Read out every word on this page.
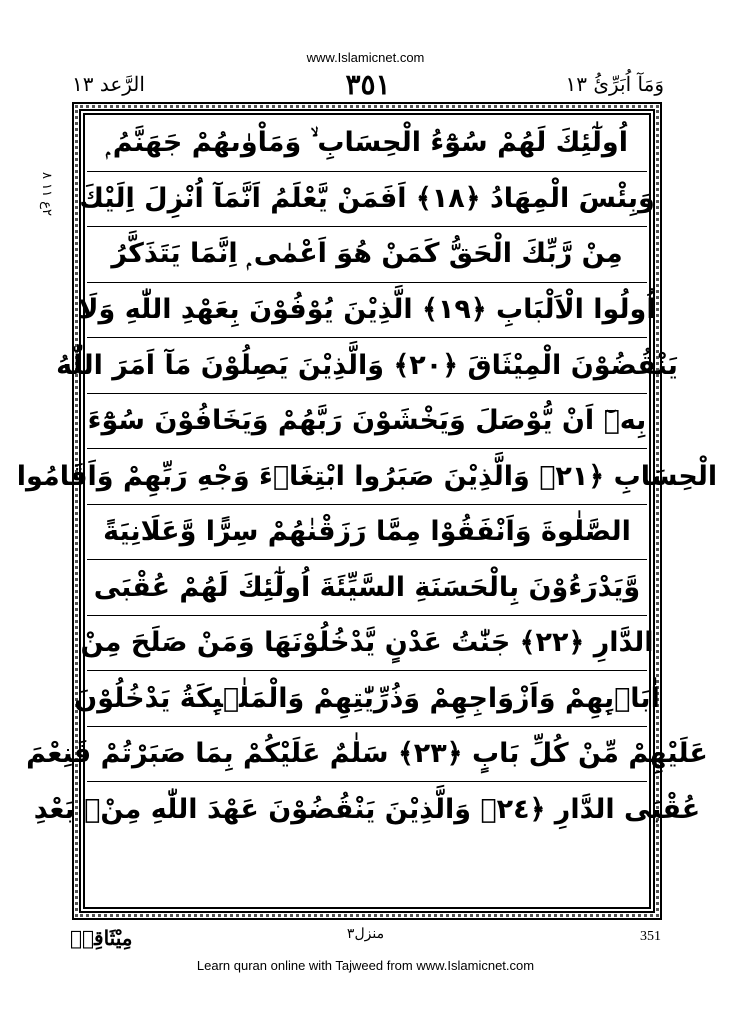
www.Islamicnet.com
الرَّعد ١٣	٣٥١	وَمَآ اُبَرِّئُ ١٣
٢ع ١١ ٨
اُولٰٓئِكَ لَهُمْ سُوْٓءُ الْحِسَابِ ۙ وَمَاْوٰىهُمْ جَهَنَّمُ ۭ
وَبِئْسَ الْمِهَادُ ﴿١٨﴾ اَفَمَنْ يَّعْلَمُ اَنَّمَآ اُنْزِلَ اِلَيْكَ
مِنْ رَّبِّكَ الْحَقُّ كَمَنْ هُوَ اَعْمٰى ۭ اِنَّمَا يَتَذَكَّرُ
اُولُوا الْاَلْبَابِ ﴿١٩﴾ الَّذِيْنَ يُوْفُوْنَ بِعَهْدِ اللّٰهِ وَلَا
يَنْقُضُوْنَ الْمِيْثَاقَ ﴿٢٠﴾ وَالَّذِيْنَ يَصِلُوْنَ مَآ اَمَرَ اللّٰهُ
بِهٖٓ اَنْ يُّوْصَلَ وَيَخْشَوْنَ رَبَّهُمْ وَيَخَافُوْنَ سُوْٓءَ
الْحِسَابِ ﴿٢١﴾ وَالَّذِيْنَ صَبَرُوا ابْتِغَاۗءَ وَجْهِ رَبِّهِمْ وَاَقَامُوا
الصَّلٰوةَ وَاَنْفَقُوْا مِمَّا رَزَقْنٰهُمْ سِرًّا وَّعَلَانِيَةً
وَّيَدْرَءُوْنَ بِالْحَسَنَةِ السَّيِّئَةَ اُولٰٓئِكَ لَهُمْ عُقْبَى
الدَّارِ ﴿٢٢﴾ جَنّٰتُ عَدْنٍ يَّدْخُلُوْنَهَا وَمَنْ صَلَحَ مِنْ
اٰبَاۗىِٕهِمْ وَاَزْوَاجِهِمْ وَذُرِّيّٰتِهِمْ وَالْمَلٰۗىِٕكَةُ يَدْخُلُوْنَ
عَلَيْهِمْ مِّنْ كُلِّ بَابٍ ﴿٢٣﴾ سَلٰمٌ عَلَيْكُمْ بِمَا صَبَرْتُمْ فَنِعْمَ
عُقْبَى الدَّارِ ﴿٢٤﴾ وَالَّذِيْنَ يَنْقُضُوْنَ عَهْدَ اللّٰهِ مِنْۢ بَعْدِ
مِيْثَاقِهٖ	منزل٣	351
Learn quran online with Tajweed from www.Islamicnet.com
